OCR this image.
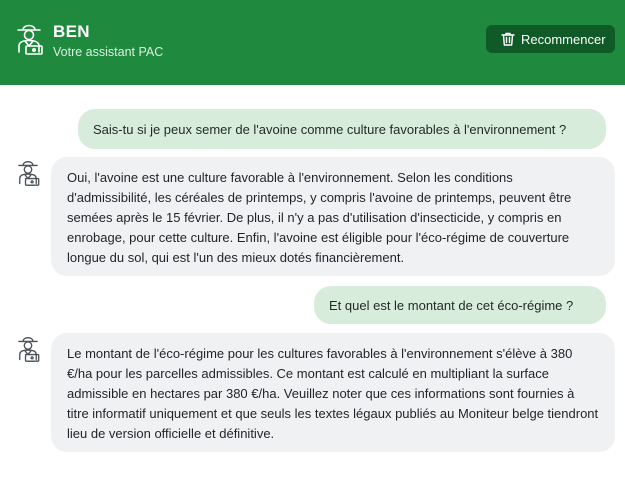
BEN
Votre assistant PAC
Recommencer
Sais-tu si je peux semer de l'avoine comme culture favorables à l'environnement ?
Oui, l'avoine est une culture favorable à l'environnement. Selon les conditions d'admissibilité, les céréales de printemps, y compris l'avoine de printemps, peuvent être semées après le 15 février. De plus, il n'y a pas d'utilisation d'insecticide, y compris en enrobage, pour cette culture. Enfin, l'avoine est éligible pour l'éco-régime de couverture longue du sol, qui est l'un des mieux dotés financièrement.
Et quel est le montant de cet éco-régime ?
Le montant de l'éco-régime pour les cultures favorables à l'environnement s'élève à 380 €/ha pour les parcelles admissibles. Ce montant est calculé en multipliant la surface admissible en hectares par 380 €/ha. Veuillez noter que ces informations sont fournies à titre informatif uniquement et que seuls les textes légaux publiés au Moniteur belge tiendront lieu de version officielle et définitive.
